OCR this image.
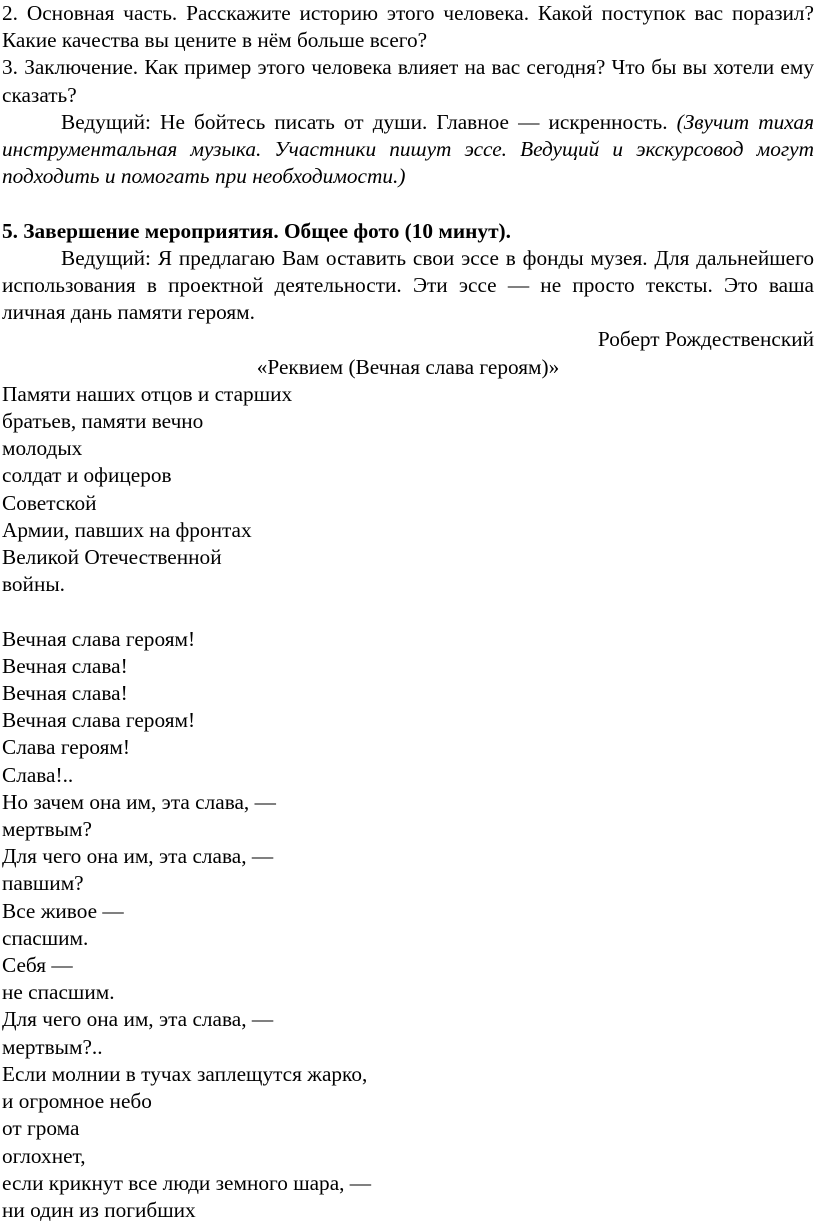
2. Основная часть. Расскажите историю этого человека. Какой поступок вас поразил? Какие качества вы цените в нём больше всего?

3. Заключение. Как пример этого человека влияет на вас сегодня? Что бы вы хотели ему сказать?

Ведущий: Не бойтесь писать от души. Главное — искренность. (Звучит тихая инструментальная музыка. Участники пишут эссе. Ведущий и экскурсовод могут подходить и помогать при необходимости.)

5. Завершение мероприятия. Общее фото (10 минут).

Ведущий: Я предлагаю Вам оставить свои эссе в фонды музея. Для дальнейшего использования в проектной деятельности. Эти эссе — не просто тексты. Это ваша личная дань памяти героям.

Роберт Рождественский

«Реквием (Вечная слава героям)»

Памяти наших отцов и старших

братьев, памяти вечно

молодых

солдат и офицеров

Советской

Армии, павших на фронтах

Великой Отечественной

войны.

Вечная слава героям!

Вечная слава!

Вечная слава!

Вечная слава героям!

Слава героям!

Слава!..

Но зачем она им, эта слава, —

мертвым?

Для чего она им, эта слава, —

павшим?

Все живое —

спасшим.

Себя —

не спасшим.

Для чего она им, эта слава, —

мертвым?..

Если молнии в тучах заплещутся жарко,

и огромное небо

от грома

оглохнет,

если крикнут все люди земного шара, —

ни один из погибших
